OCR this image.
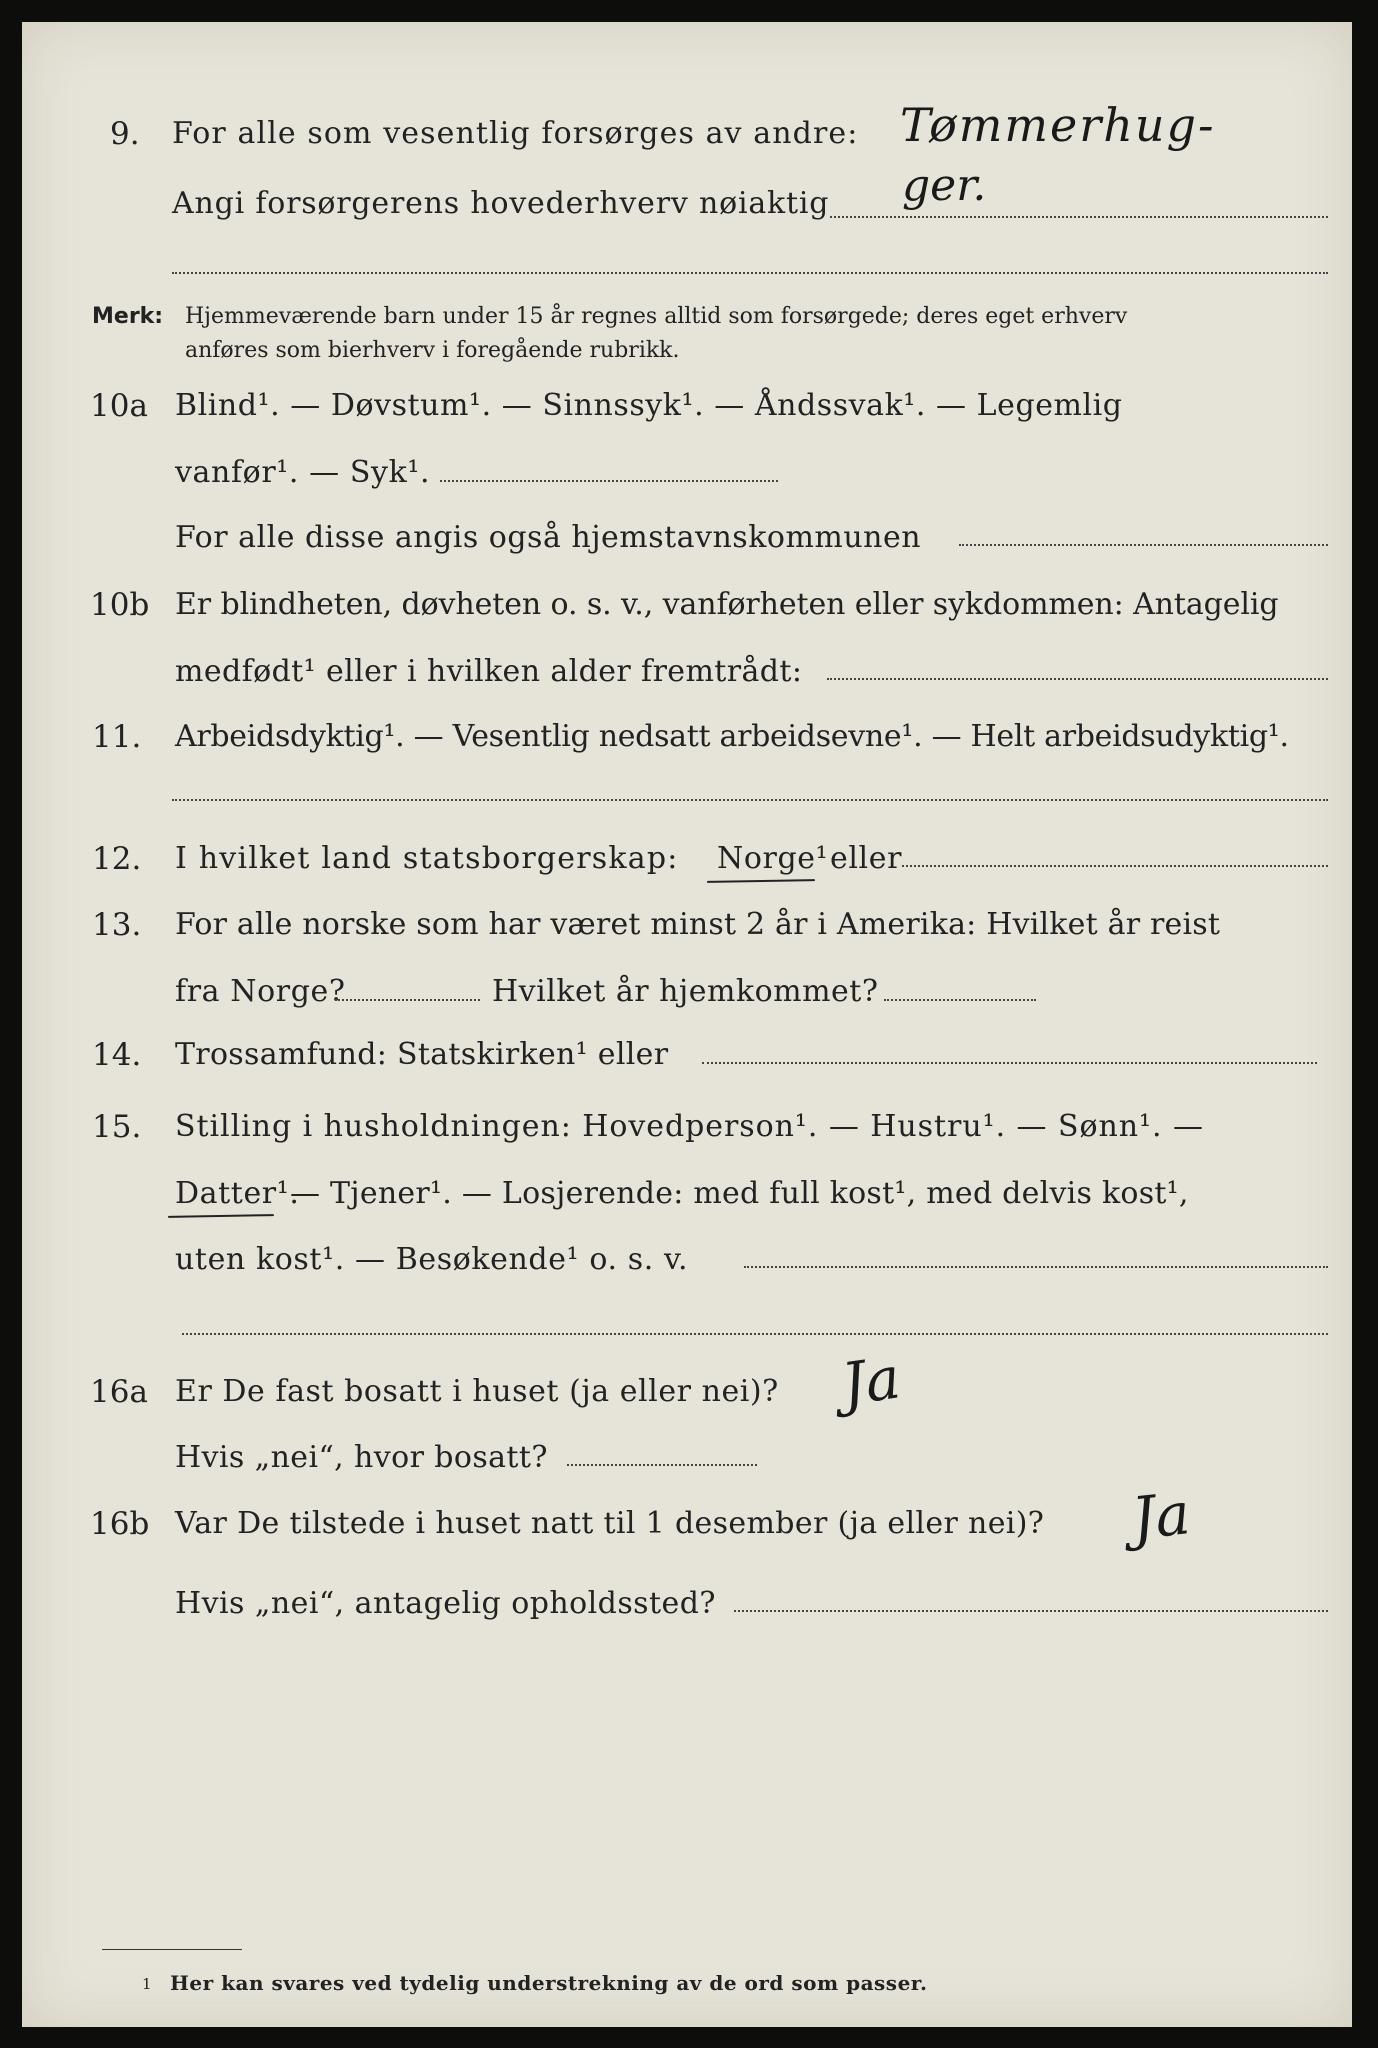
9. For alle som vesentlig forsørges av andre:
Angi forsørgerens hovederhverv nøiaktig
Tømmerhug-
ger.
Merk: Hjemmeværende barn under 15 år regnes alltid som forsørgede; deres eget erhverv
anføres som bierhverv i foregående rubrikk.
10a Blind¹. — Døvstum¹. — Sinnssyk¹. — Åndssvak¹. — Legemlig
vanfør¹. — Syk¹.
For alle disse angis også hjemstavnskommunen
10b Er blindheten, døvheten o. s. v., vanførheten eller sykdommen: Antagelig
medfødt¹ eller i hvilken alder fremtrådt:
11. Arbeidsdyktig¹. — Vesentlig nedsatt arbeidsevne¹. — Helt arbeidsudyktig¹.
12. I hvilket land statsborgerskap: Norge¹ eller
13. For alle norske som har været minst 2 år i Amerika: Hvilket år reist
fra Norge?	Hvilket år hjemkommet?
14. Trossamfund: Statskirken¹ eller
15. Stilling i husholdningen: Hovedperson¹. — Hustru¹. — Sønn¹. —
Datter¹.
— Tjener¹. — Losjerende: med full kost¹, med delvis kost¹,
uten kost¹. — Besøkende¹ o. s. v.
16a Er De fast bosatt i huset (ja eller nei)? Ja
Hvis „nei“, hvor bosatt?
16b Var De tilstede i huset natt til 1 desember (ja eller nei)? Ja
Hvis „nei“, antagelig opholdssted?
1 Her kan svares ved tydelig understrekning av de ord som passer.
